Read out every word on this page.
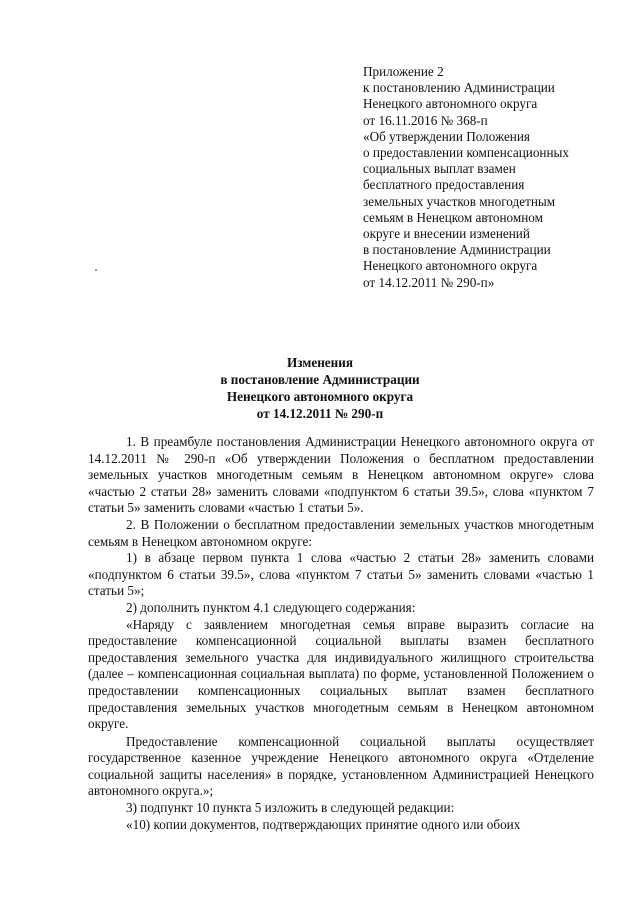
Приложение 2
к постановлению Администрации
Ненецкого автономного округа
от 16.11.2016 № 368-п
«Об утверждении Положения
о предоставлении компенсационных
социальных выплат взамен
бесплатного предоставления
земельных участков многодетным
семьям в Ненецком автономном
округе и внесении изменений
в постановление Администрации
Ненецкого автономного округа
от 14.12.2011 № 290-п»
Изменения
в постановление Администрации
Ненецкого автономного округа
от 14.12.2011 № 290-п

1. В преамбуле постановления Администрации Ненецкого автономного округа от 14.12.2011 № 290-п «Об утверждении Положения о бесплатном предоставлении земельных участков многодетным семьям в Ненецком автономном округе» слова «частью 2 статьи 28» заменить словами «подпунктом 6 статьи 39.5», слова «пунктом 7 статьи 5» заменить словами «частью 1 статьи 5».

2. В Положении о бесплатном предоставлении земельных участков многодетным семьям в Ненецком автономном округе:

1) в абзаце первом пункта 1 слова «частью 2 статьи 28» заменить словами «подпунктом 6 статьи 39.5», слова «пунктом 7 статьи 5» заменить словами «частью 1 статьи 5»;

2) дополнить пунктом 4.1 следующего содержания:

«Наряду с заявлением многодетная семья вправе выразить согласие на предоставление компенсационной социальной выплаты взамен бесплатного предоставления земельного участка для индивидуального жилищного строительства (далее – компенсационная социальная выплата) по форме, установленной Положением о предоставлении компенсационных социальных выплат взамен бесплатного предоставления земельных участков многодетным семьям в Ненецком автономном округе.

Предоставление компенсационной социальной выплаты осуществляет государственное казенное учреждение Ненецкого автономного округа «Отделение социальной защиты населения» в порядке, установленном Администрацией Ненецкого автономного округа.»;

3) подпункт 10 пункта 5 изложить в следующей редакции:

«10) копии документов, подтверждающих принятие одного или обоих
